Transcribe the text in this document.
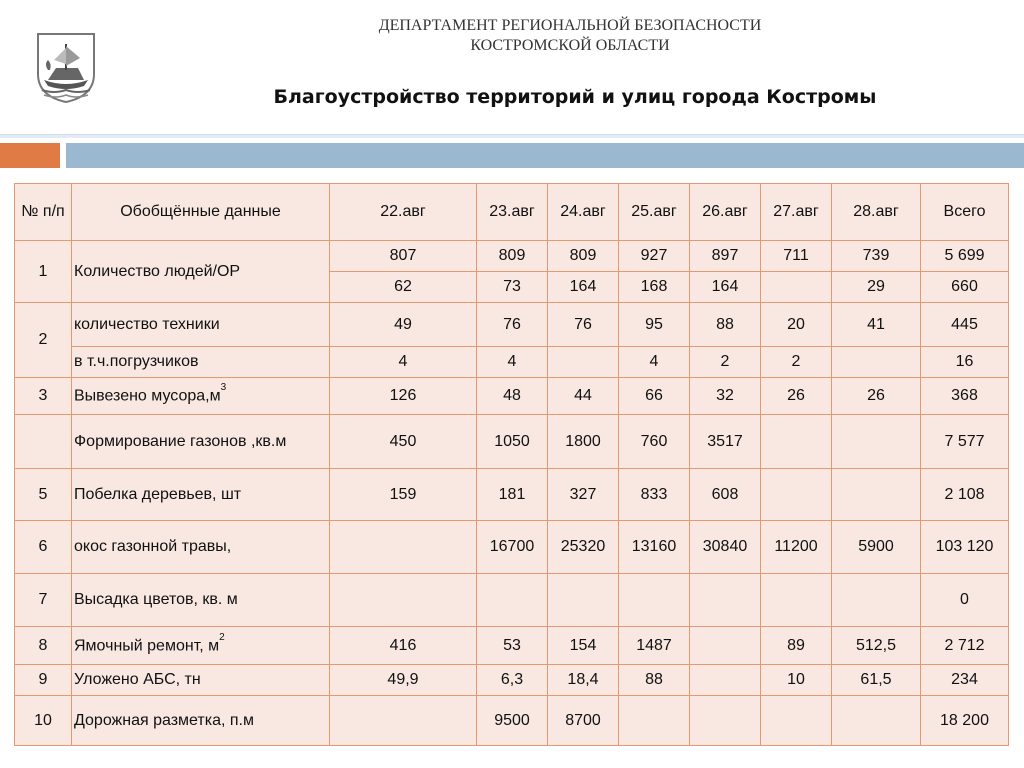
ДЕПАРТАМЕНТ РЕГИОНАЛЬНОЙ БЕЗОПАСНОСТИ
КОСТРОМСКОЙ ОБЛАСТИ
Благоустройство территорий и улиц города Костромы
№ п/п	Обобщённые данные	22.авг	23.авг	24.авг	25.авг	26.авг	27.авг	28.авг	Всего
1	Количество людей/ОР	807	809	809	927	897	711	739	5 699
		62	73	164	168	164		29	660
2	количество техники	49	76	76	95	88	20	41	445
	в т.ч.погрузчиков	4	4		4	2	2		16
3	Вывезено $мусора,м^3$	126	48	44	66	32	26	26	368
	Формирование газонов ,кв.м	450	1050	1800	760	3517			7 577
5	Побелка деревьев, шт	159	181	327	833	608			2 108
6	окос газонной травы,		16700	25320	13160	30840	11200	5900	103 120
7	Высадка цветов, кв. м								0
8	Ямочный ремонт, $м^2$	416	53	154	1487		89	512,5	2 712
9	Уложено АБС, тн	49,9	6,3	18,4	88		10	61,5	234
10	Дорожная разметка, п.м		9500	8700					18 200
